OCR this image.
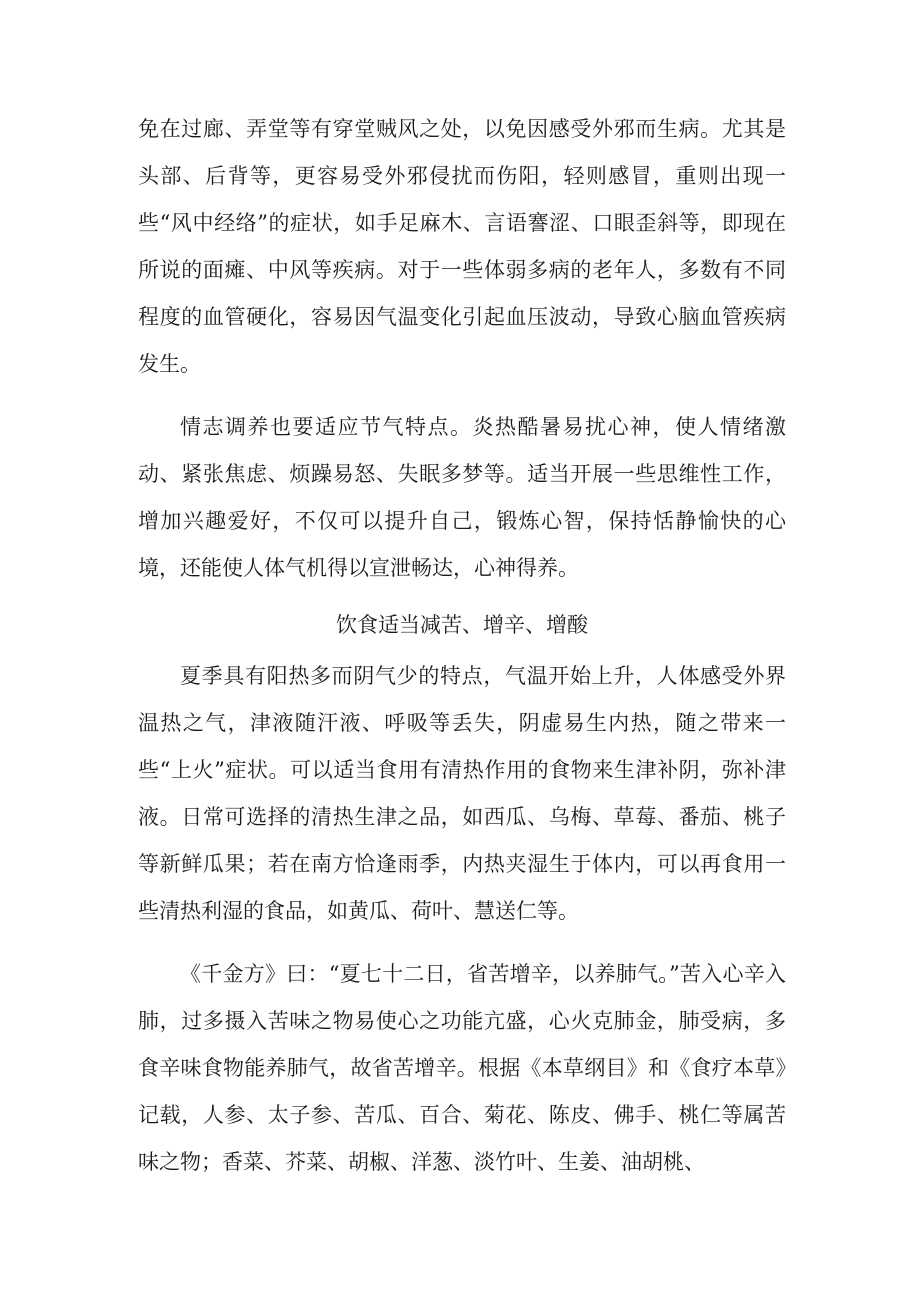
免在过廊、弄堂等有穿堂贼风之处，以免因感受外邪而生病。尤其是头部、后背等，更容易受外邪侵扰而伤阳，轻则感冒，重则出现一些“风中经络”的症状，如手足麻木、言语謇涩、口眼歪斜等，即现在所说的面瘫、中风等疾病。对于一些体弱多病的老年人，多数有不同程度的血管硬化，容易因气温变化引起血压波动，导致心脑血管疾病发生。

情志调养也要适应节气特点。炎热酷暑易扰心神，使人情绪激动、紧张焦虑、烦躁易怒、失眠多梦等。适当开展一些思维性工作，增加兴趣爱好，不仅可以提升自己，锻炼心智，保持恬静愉快的心境，还能使人体气机得以宣泄畅达，心神得养。

饮食适当减苦、增辛、增酸

夏季具有阳热多而阴气少的特点，气温开始上升，人体感受外界温热之气，津液随汗液、呼吸等丢失，阴虚易生内热，随之带来一些“上火”症状。可以适当食用有清热作用的食物来生津补阴，弥补津液。日常可选择的清热生津之品，如西瓜、乌梅、草莓、番茄、桃子等新鲜瓜果；若在南方恰逢雨季，内热夹湿生于体内，可以再食用一些清热利湿的食品，如黄瓜、荷叶、慧送仁等。

《千金方》曰：“夏七十二日，省苦增辛，以养肺气。”苦入心辛入肺，过多摄入苦味之物易使心之功能亢盛，心火克肺金，肺受病，多食辛味食物能养肺气，故省苦增辛。根据《本草纲目》和《食疗本草》记载，人参、太子参、苦瓜、百合、菊花、陈皮、佛手、桃仁等属苦味之物；香菜、芥菜、胡椒、洋葱、淡竹叶、生姜、油胡桃、
